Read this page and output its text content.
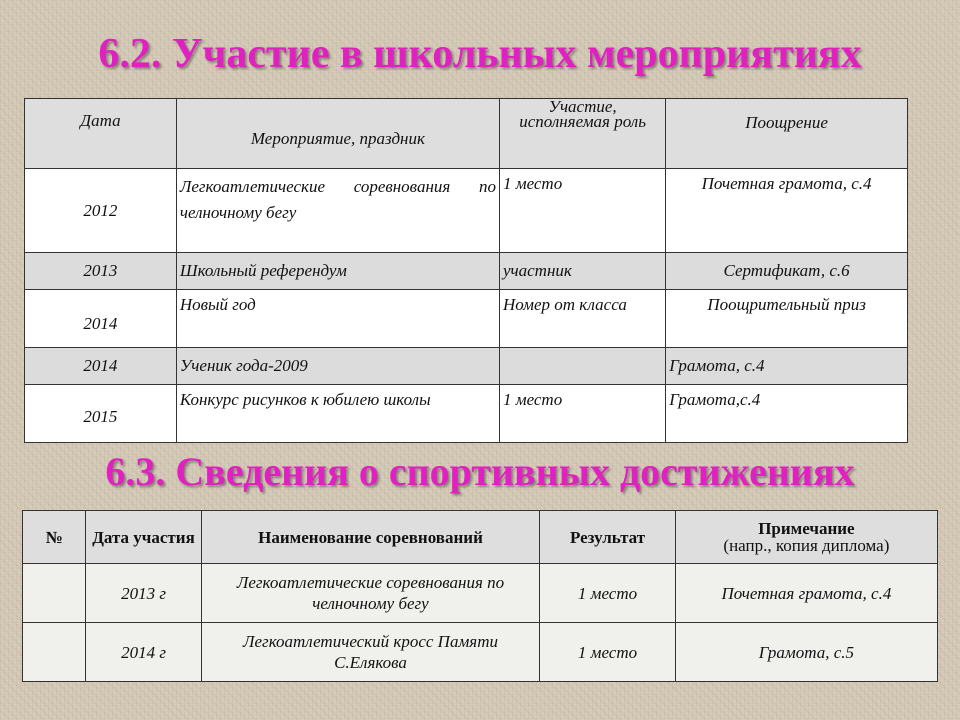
6.2. Участие в школьных мероприятиях
Дата	Мероприятие, праздник	Участие, исполняемая роль	Поощрение
2012	Легкоатлетические соревнования по челночному бегу	1 место	Почетная грамота, с.4
2013	Школьный референдум	участник	Сертификат, с.6
2014	Новый год	Номер от класса	Поощрительный приз
2014	Ученик года-2009		Грамота, с.4
2015	Конкурс рисунков к юбилею школы	1 место	Грамота,с.4
6.3. Сведения о спортивных достижениях
№	Дата участия	Наименование соревнований	Результат	Примечание
(напр., копия диплома)

	2013 г	Легкоатлетические соревнования по челночному бегу	1 место	Почетная грамота, с.4
	2014 г	Легкоатлетический кросс Памяти С.Елякова	1 место	Грамота, с.5
